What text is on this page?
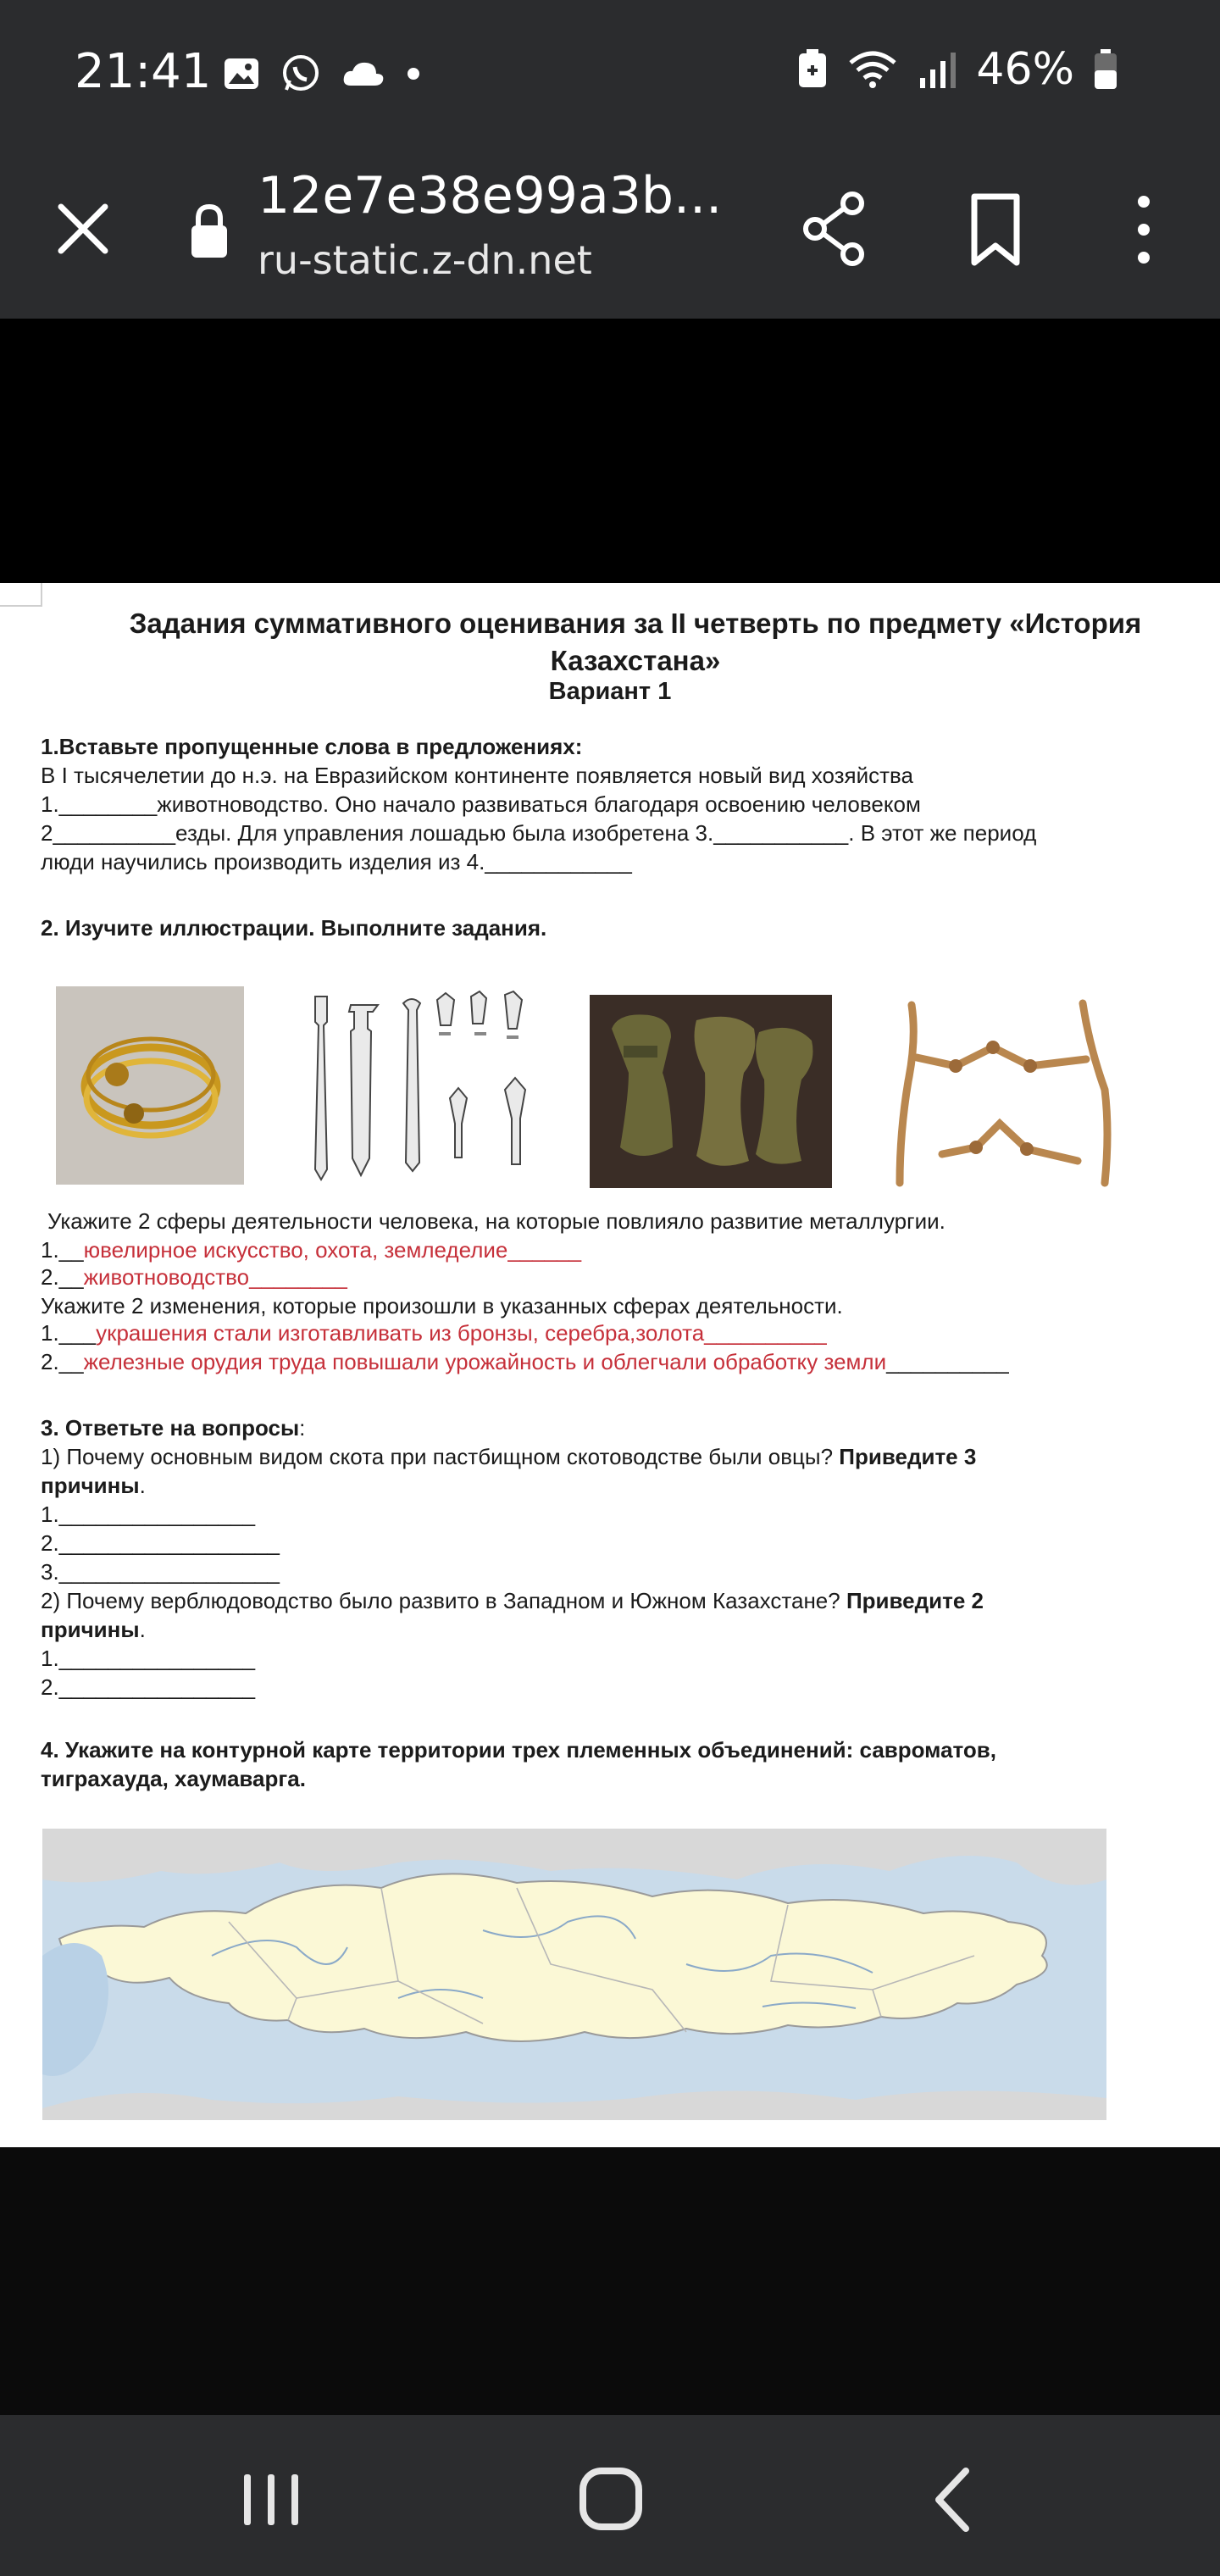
21:41	46%
12e7e38e99a3b...
ru-static.z-dn.net
Задания суммативного оценивания за II четверть по предмету «История Казахстана»
Вариант 1
1.Вставьте пропущенные слова в предложениях:
В I тысячелетии до н.э. на Евразийском континенте появляется новый вид хозяйства
1.________животноводство. Оно начало развиваться благодаря освоению человеком
2__________езды. Для управления лошадью была изобретена 3.___________. В этот же период
люди научились производить изделия из 4.____________
2. Изучите иллюстрации. Выполните задания.
Укажите 2 сферы деятельности человека, на которые повлияло развитие металлургии.
1.__ювелирное искусство, охота, земледелие______
2.__животноводство________
Укажите 2 изменения, которые произошли в указанных сферах деятельности.
1.___украшения стали изготавливать из бронзы, серебра,золота__________
2.__железные орудия труда повышали урожайность и облегчали обработку земли__________
3. Ответьте на вопросы:
1) Почему основным видом скота при пастбищном скотоводстве были овцы? Приведите 3
причины.
1.________________
2.__________________
3.__________________
2) Почему верблюдоводство было развито в Западном и Южном Казахстане? Приведите 2
причины.
1.________________
2.________________
4. Укажите на контурной карте территории трех племенных объединений: савроматов,
тиграхауда, хаумаварга.
